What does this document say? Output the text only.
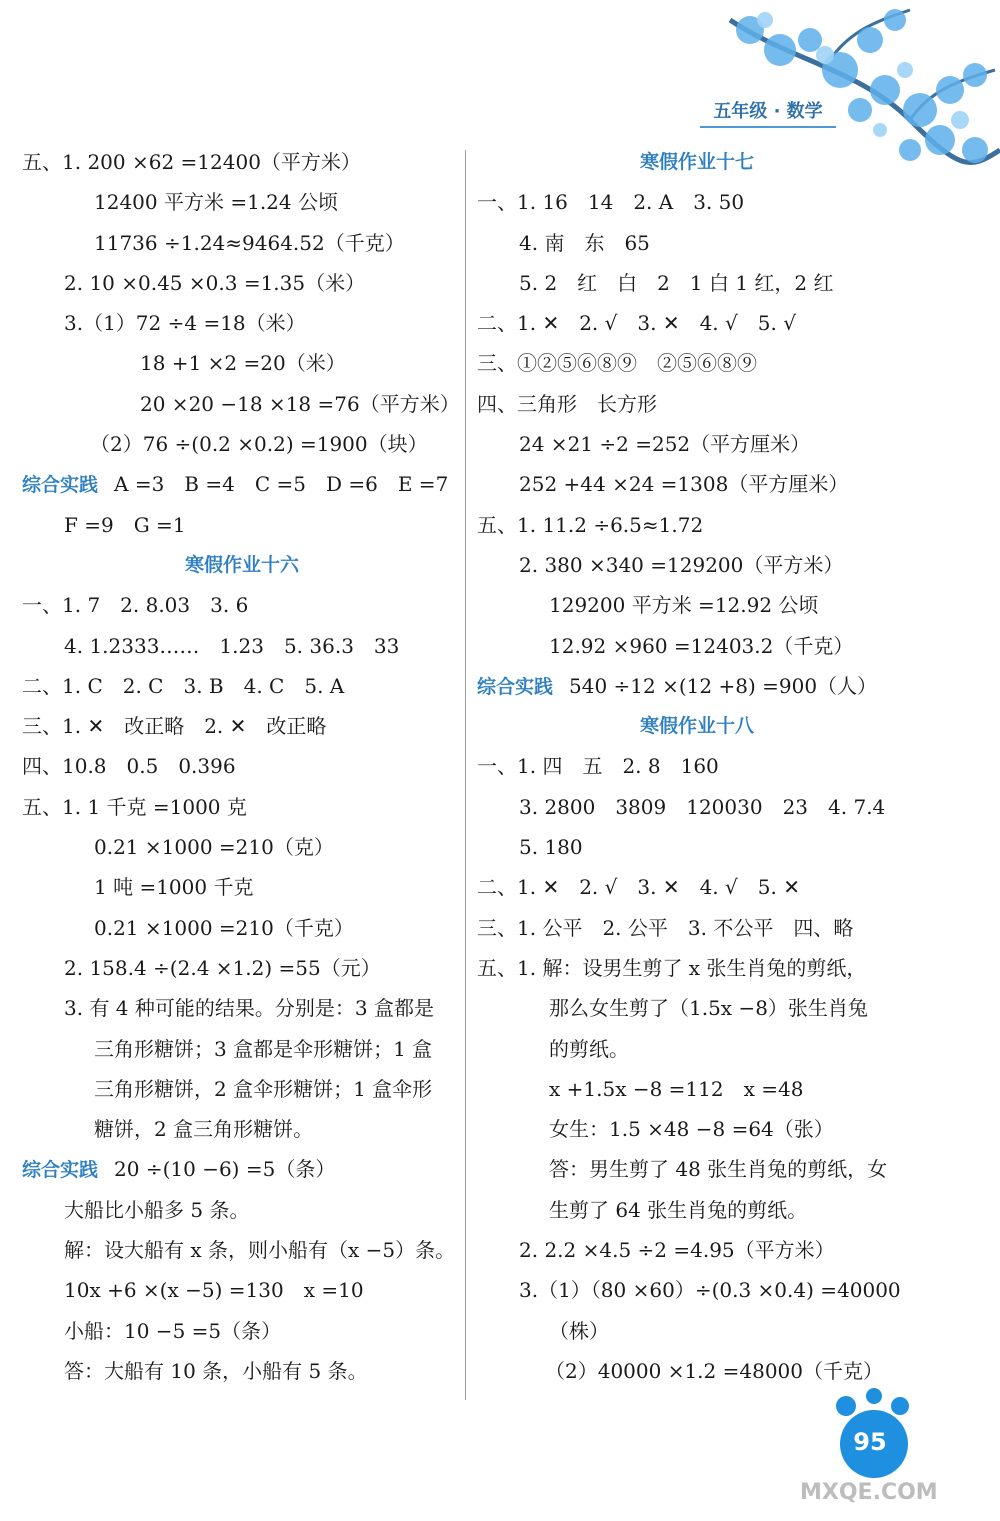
五年级 · 数学
五、1. 200 ×62 =12400（平方米）
12400 平方米 =1.24 公顷
11736 ÷1.24≈9464.52（千克）
2. 10 ×0.45 ×0.3 =1.35（米）
3.（1）72 ÷4 =18（米）
18 +1 ×2 =20（米）
20 ×20 −18 ×18 =76（平方米）
（2）76 ÷(0.2 ×0.2) =1900（块）
综合实践 A =3　B =4　C =5　D =6　E =7
F =9　G =1
寒假作业十六
一、1. 7　2. 8.03　3. 6
4. 1.2333……　1.23　5. 36.3　33
二、1. C　2. C　3. B　4. C　5. A
三、1. ✕　改正略　2. ✕　改正略
四、10.8　0.5　0.396
五、1. 1 千克 =1000 克
0.21 ×1000 =210（克）
1 吨 =1000 千克
0.21 ×1000 =210（千克）
2. 158.4 ÷(2.4 ×1.2) =55（元）
3. 有 4 种可能的结果。分别是：3 盒都是
三角形糖饼；3 盒都是伞形糖饼；1 盒
三角形糖饼，2 盒伞形糖饼；1 盒伞形
糖饼，2 盒三角形糖饼。
综合实践 20 ÷(10 −6) =5（条）
大船比小船多 5 条。
解：设大船有 x 条，则小船有（x −5）条。
10x +6 ×(x −5) =130　x =10
小船：10 −5 =5（条）
答：大船有 10 条，小船有 5 条。
寒假作业十七
一、1. 16　14　2. A　3. 50
4. 南　东　65
5. 2　红　白　2　1 白 1 红，2 红
二、1. ✕　2. √　3. ✕　4. √　5. √
三、①②⑤⑥⑧⑨　②⑤⑥⑧⑨
四、三角形　长方形
24 ×21 ÷2 =252（平方厘米）
252 +44 ×24 =1308（平方厘米）
五、1. 11.2 ÷6.5≈1.72
2. 380 ×340 =129200（平方米）
129200 平方米 =12.92 公顷
12.92 ×960 =12403.2（千克）
综合实践 540 ÷12 ×(12 +8) =900（人）
寒假作业十八
一、1. 四　五　2. 8　160
3. 2800　3809　120030　23　4. 7.4
5. 180
二、1. ✕　2. √　3. ✕　4. √　5. ✕
三、1. 公平　2. 公平　3. 不公平　四、略
五、1. 解：设男生剪了 x 张生肖兔的剪纸，
那么女生剪了（1.5x −8）张生肖兔
的剪纸。
x +1.5x −8 =112　x =48
女生：1.5 ×48 −8 =64（张）
答：男生剪了 48 张生肖兔的剪纸，女
生剪了 64 张生肖兔的剪纸。
2. 2.2 ×4.5 ÷2 =4.95（平方米）
3.（1）（80 ×60）÷(0.3 ×0.4) =40000
（株）
（2）40000 ×1.2 =48000（千克）
95
MXQE.COM
